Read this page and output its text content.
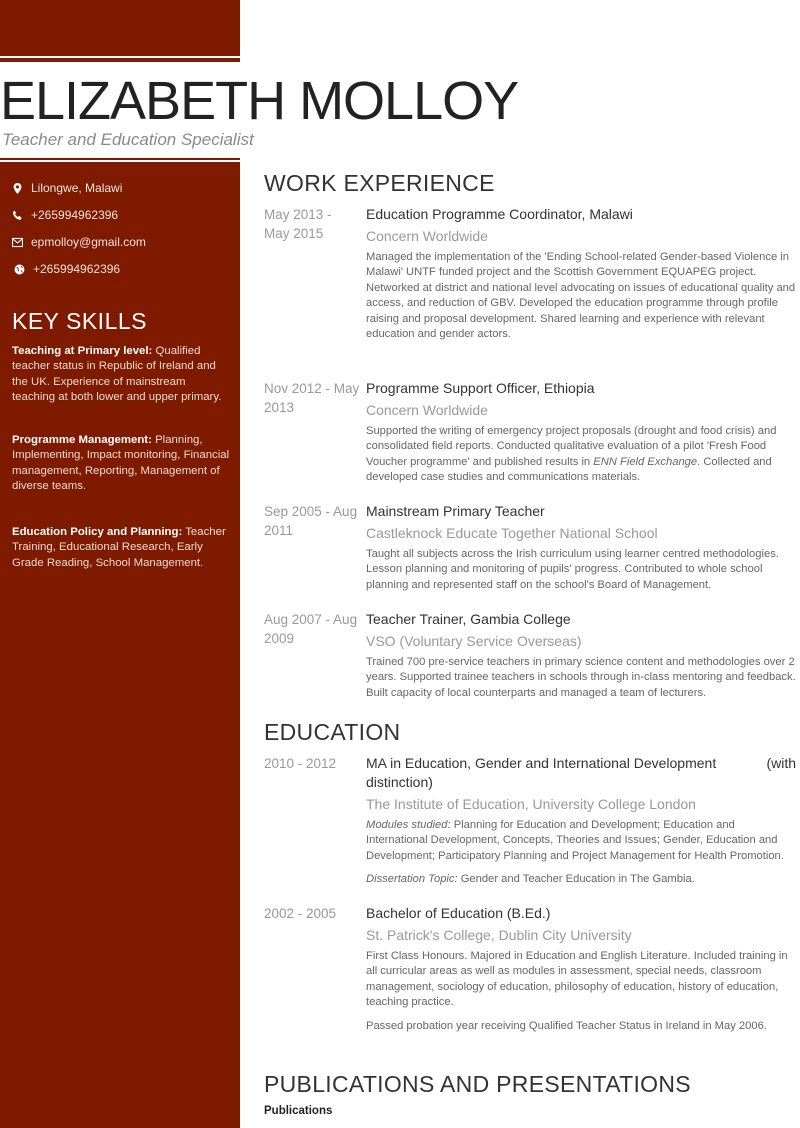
ELIZABETH MOLLOY
Teacher and Education Specialist
Lilongwe, Malawi
+265994962396
epmolloy@gmail.com
+265994962396
KEY SKILLS
Teaching at Primary level: Qualified teacher status in Republic of Ireland and the UK. Experience of mainstream teaching at both lower and upper primary.
Programme Management: Planning, Implementing, Impact monitoring, Financial management, Reporting, Management of diverse teams.
Education Policy and Planning: Teacher Training, Educational Research, Early Grade Reading, School Management.
WORK EXPERIENCE
May 2013 - May 2015
Education Programme Coordinator, Malawi
Concern Worldwide
Managed the implementation of the 'Ending School-related Gender-based Violence in Malawi' UNTF funded project and the Scottish Government EQUAPEG project. Networked at district and national level advocating on issues of educational quality and access, and reduction of GBV. Developed the education programme through profile raising and proposal development. Shared learning and experience with relevant education and gender actors.
Nov 2012 - May 2013
Programme Support Officer, Ethiopia
Concern Worldwide
Supported the writing of emergency project proposals (drought and food crisis) and consolidated field reports. Conducted qualitative evaluation of a pilot 'Fresh Food Voucher programme' and published results in ENN Field Exchange. Collected and developed case studies and communications materials.
Sep 2005 - Aug 2011
Mainstream Primary Teacher
Castleknock Educate Together National School
Taught all subjects across the Irish curriculum using learner centred methodologies. Lesson planning and monitoring of pupils' progress. Contributed to whole school planning and represented staff on the school's Board of Management.
Aug 2007 - Aug 2009
Teacher Trainer, Gambia College
VSO (Voluntary Service Overseas)
Trained 700 pre-service teachers in primary science content and methodologies over 2 years. Supported trainee teachers in schools through in-class mentoring and feedback. Built capacity of local counterparts and managed a team of lecturers.
EDUCATION
2010 - 2012	MA in Education, Gender and International Development	(with
distinction)
The Institute of Education, University College London

Modules studied: Planning for Education and Development; Education and International Development, Concepts, Theories and Issues; Gender, Education and Development; Participatory Planning and Project Management for Health Promotion.

Dissertation Topic: Gender and Teacher Education in The Gambia.

2002 - 2005	Bachelor of Education (B.Ed.)
St. Patrick's College, Dublin City University

First Class Honours. Majored in Education and English Literature. Included training in all curricular areas as well as modules in assessment, special needs, classroom management, sociology of education, philosophy of education, history of education, teaching practice.

Passed probation year receiving Qualified Teacher Status in Ireland in May 2006.

PUBLICATIONS AND PRESENTATIONS
Publications
